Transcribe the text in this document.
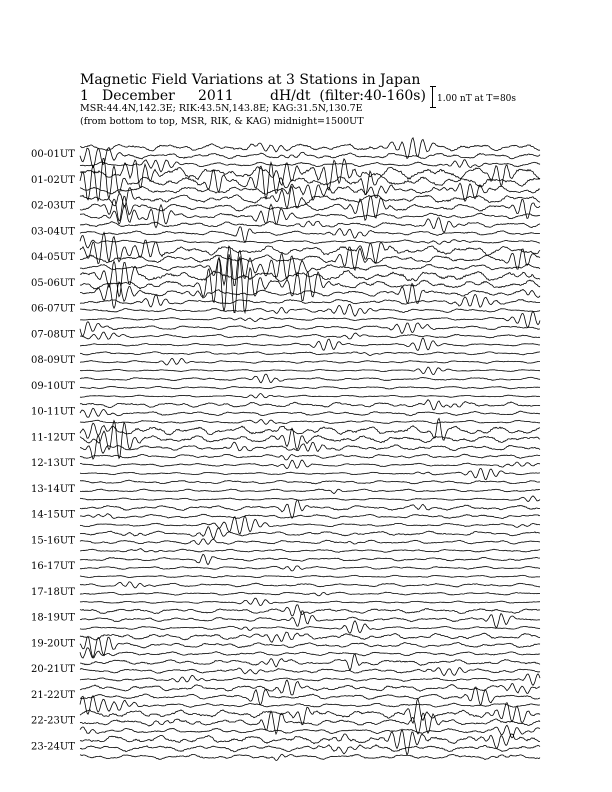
Magnetic Field Variations at 3 Stations in Japan
1 December 2011	dH/dt (filter:40-160s)
MSR:44.4N,142.3E; RIK:43.5N,143.8E; KAG:31.5N,130.7E
(from bottom to top, MSR, RIK, & KAG) midnight=1500UT
1.00 nT at T=80s
00-01UT
01-02UT
02-03UT
03-04UT
04-05UT
05-06UT
06-07UT
07-08UT
08-09UT
09-10UT
10-11UT
11-12UT
12-13UT
13-14UT
14-15UT
15-16UT
16-17UT
17-18UT
18-19UT
19-20UT
20-21UT
21-22UT
22-23UT
23-24UT
